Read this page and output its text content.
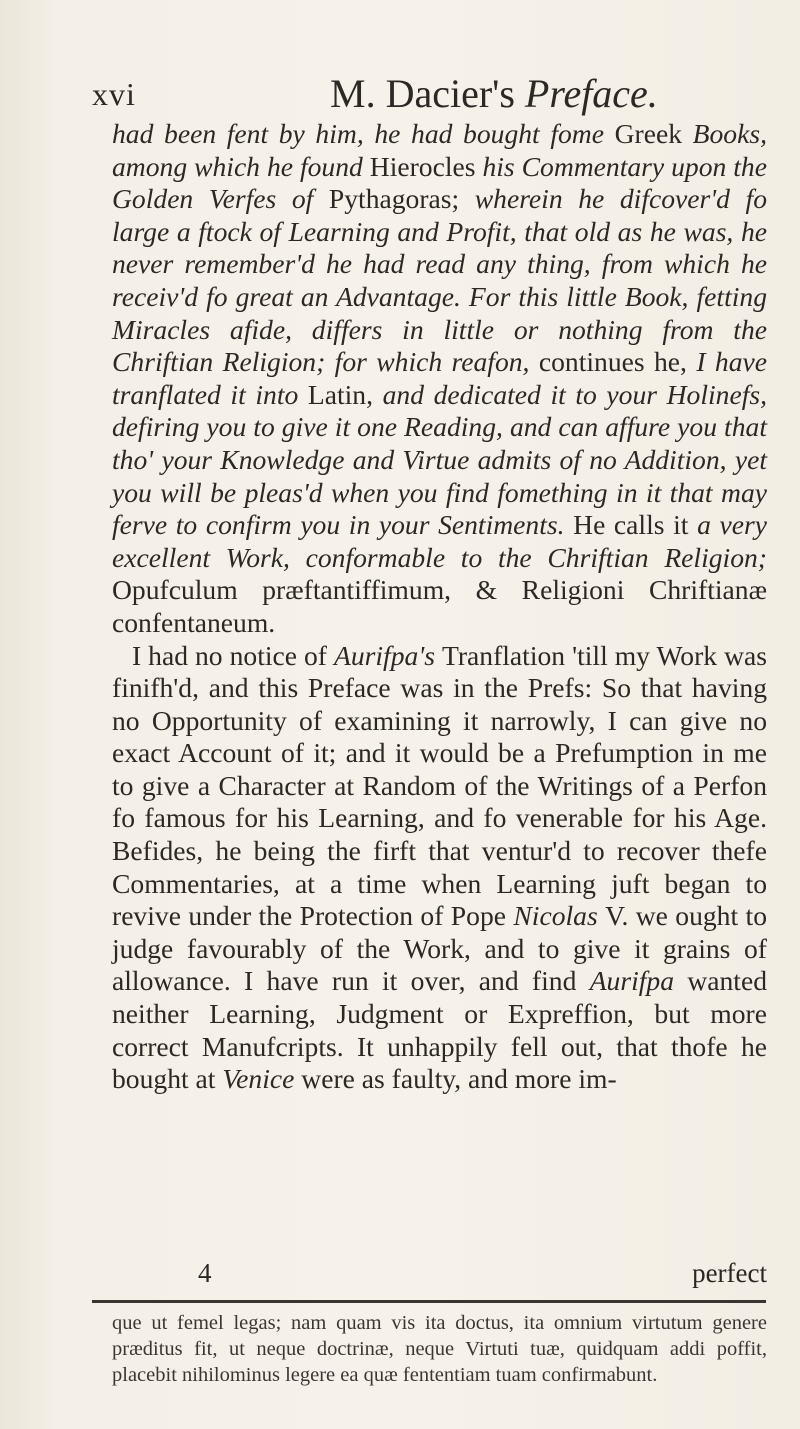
xvi	M. Dacier's Preface.

had been fent by him, he had bought fome Greek Books, among which he found Hierocles his Commentary upon the Golden Verfes of Pythagoras; wherein he difcover'd fo large a ftock of Learning and Profit, that old as he was, he never remember'd he had read any thing, from which he receiv'd fo great an Advantage. For this little Book, fetting Miracles afide, differs in little or nothing from the Chriftian Religion; for which reafon, continues he, I have tranflated it into Latin, and dedicated it to your Holinefs, defiring you to give it one Reading, and can affure you that tho' your Knowledge and Virtue admits of no Addition, yet you will be pleas'd when you find fomething in it that may ferve to confirm you in your Sentiments. He calls it a very excellent Work, conformable to the Chriftian Religion; Opufculum præftantiffimum, & Religioni Chriftianæ confentaneum.

I had no notice of Aurifpa's Tranflation 'till my Work was finifh'd, and this Preface was in the Prefs: So that having no Opportunity of examining it narrowly, I can give no exact Account of it; and it would be a Prefumption in me to give a Character at Random of the Writings of a Perfon fo famous for his Learning, and fo venerable for his Age. Befides, he being the firft that ventur'd to recover thefe Commentaries, at a time when Learning juft began to revive under the Protection of Pope Nicolas V. we ought to judge favourably of the Work, and to give it grains of allowance. I have run it over, and find Aurifpa wanted neither Learning, Judgment or Expreffion, but more correct Manufcripts. It unhappily fell out, that thofe he bought at Venice were as faulty, and more im-

4	perfect
que ut femel legas; nam quam vis ita doctus, ita omnium virtutum genere præditus fit, ut neque doctrinæ, neque Virtuti tuæ, quidquam addi poffit, placebit nihilominus legere ea quæ fententiam tuam confirmabunt.
